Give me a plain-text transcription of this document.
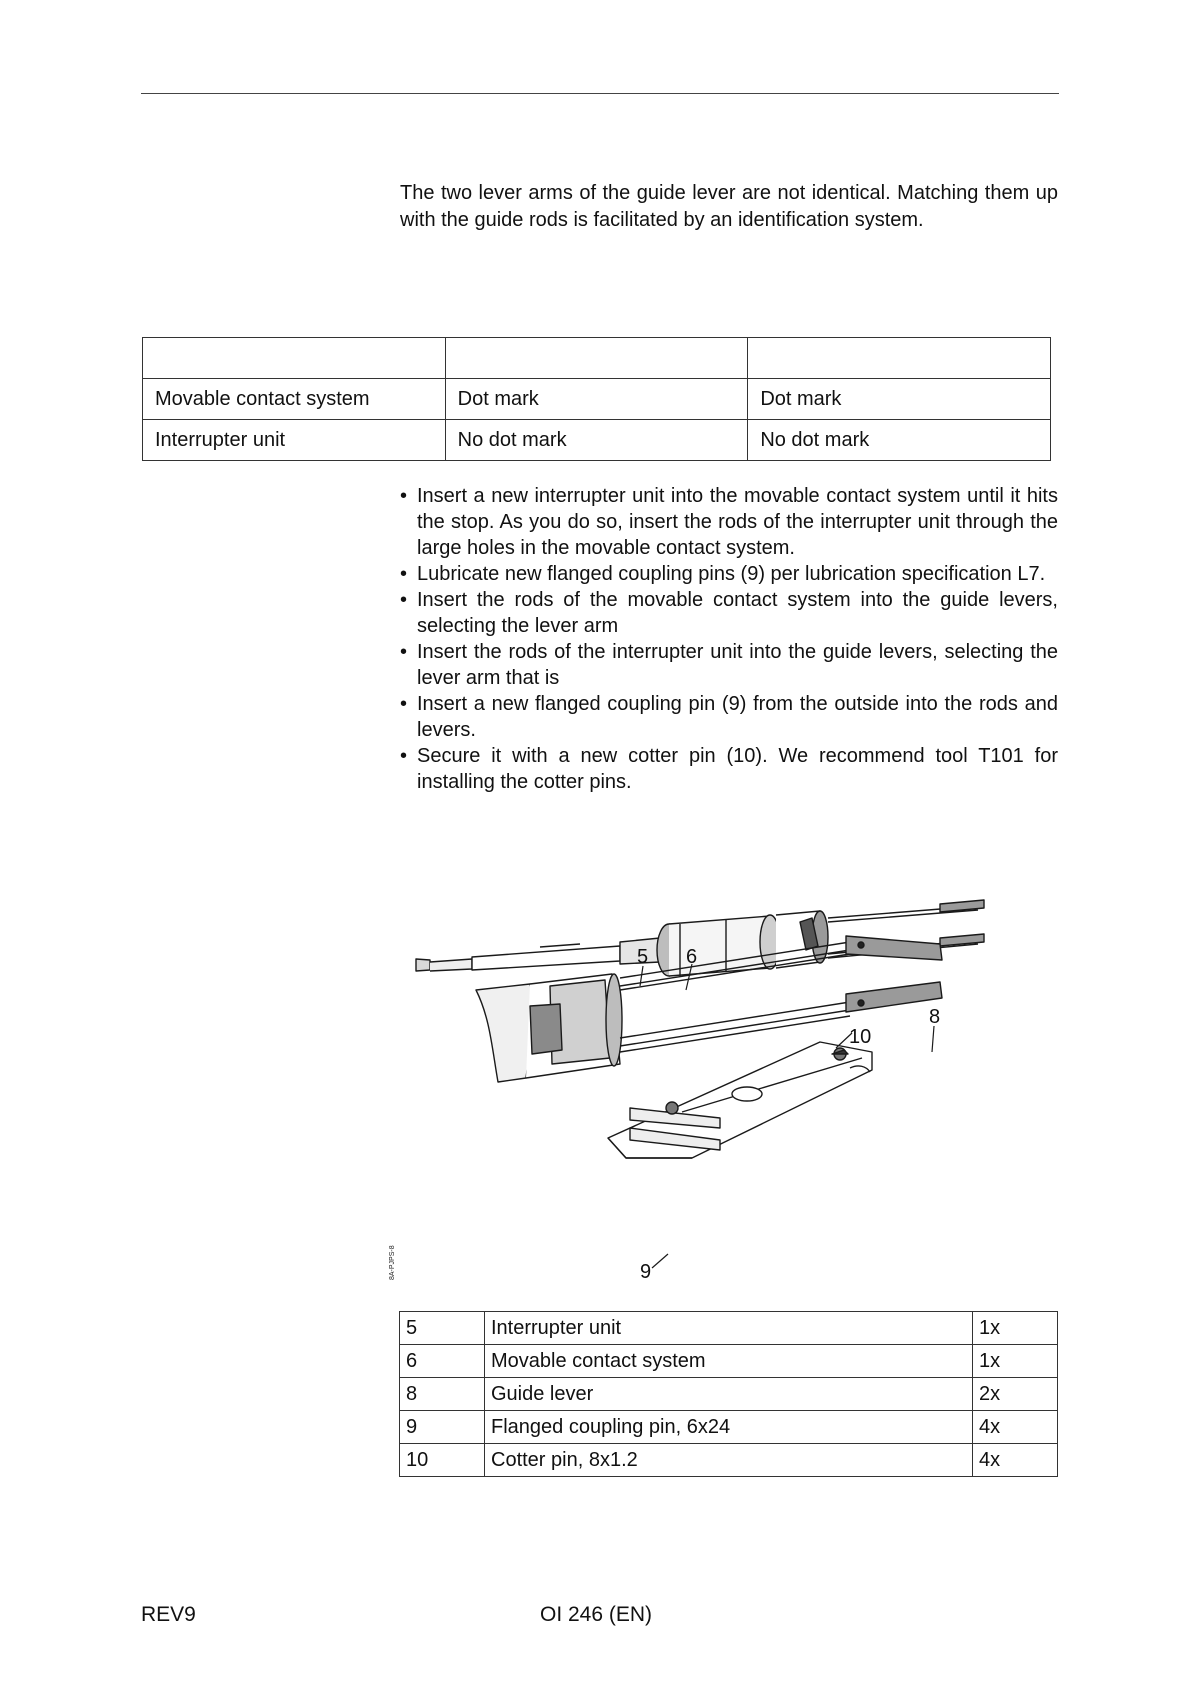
The two lever arms of the guide lever are not identical. Matching them up with the guide rods is facilitated by an identification system.

Movable contact system	Dot mark	Dot mark
Interrupter unit	No dot mark	No dot mark
• Insert a new interrupter unit into the movable contact system until it hits the stop. As you do so, insert the rods of the interrupter unit through the large holes in the movable contact system.
• Lubricate new flanged coupling pins (9) per lubrication specification L7.
• Insert the rods of the movable contact system into the guide levers, selecting the lever arm
• Insert the rods of the interrupter unit into the guide levers, selecting the lever arm that is
• Insert a new flanged coupling pin (9) from the outside into the rods and levers.
• Secure it with a new cotter pin (10). We recommend tool T101 for installing the cotter pins.
5 6
8
10
9
8A-PJPS-8
5	Interrupter unit	1x
6	Movable contact system	1x
8	Guide lever	2x
9	Flanged coupling pin, 6x24	4x
10	Cotter pin, 8x1.2	4x
REV9	OI 246 (EN)
